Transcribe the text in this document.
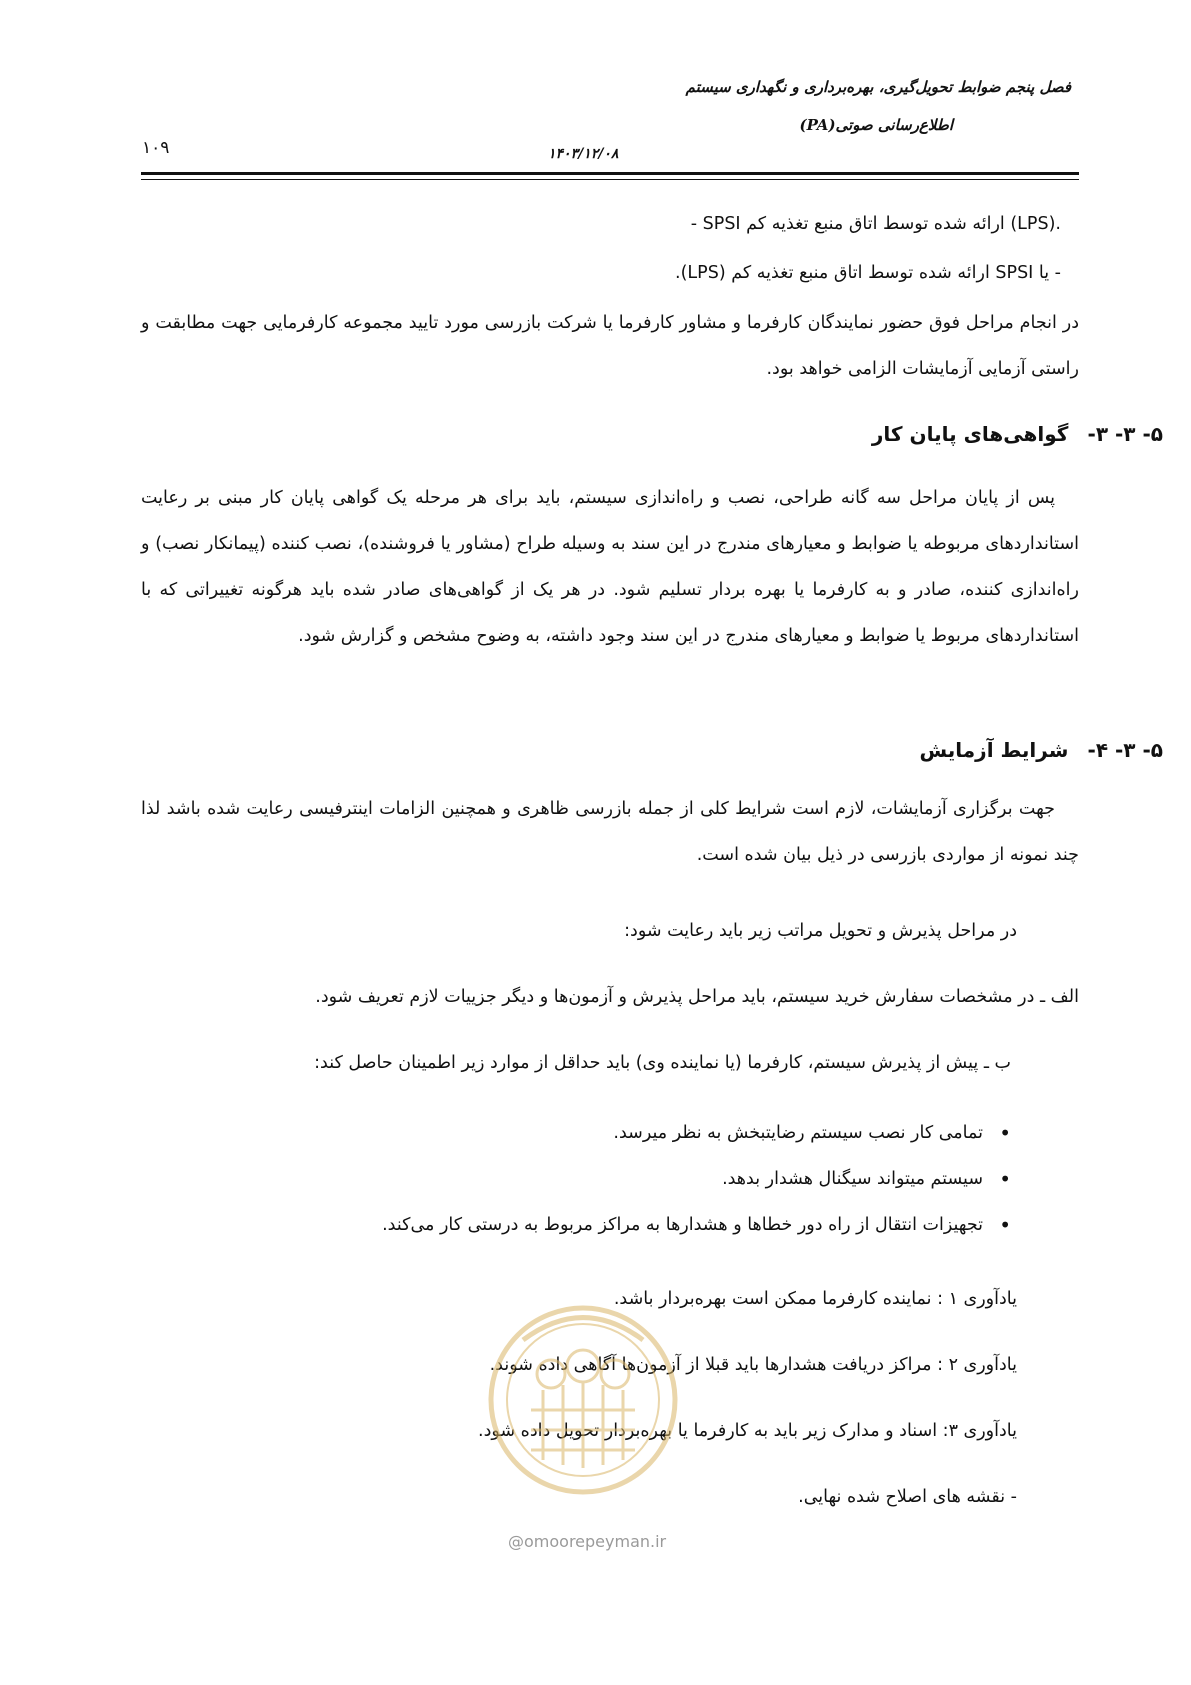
فصل پنجم ضوابط تحویل‌گیری، بهره‌برداری و نگهداری سیستم
اطلاع‌رسانی صوتی(PA)
۱۴۰۳/۱۲/۰۸
۱۰۹
- SPSI ارائه شده توسط اتاق منبع تغذیه کم (LPS).
- یا SPSI ارائه شده توسط اتاق منبع تغذیه کم (LPS).
در انجام مراحل فوق حضور نمایندگان کارفرما و مشاور کارفرما یا شرکت بازرسی مورد تایید مجموعه کارفرمایی جهت مطابقت و راستی آزمایی آزمایشات الزامی خواهد بود.
۵- ۳- ۳- گواهی‌های پایان کار
پس از پایان مراحل سه گانه طراحی، نصب و راه‌اندازی سیستم، باید برای هر مرحله یک گواهی پایان کار مبنی بر رعایت استانداردهای مربوطه یا ضوابط و معیارهای مندرج در این سند به وسیله طراح (مشاور یا فروشنده)، نصب کننده (پیمانکار نصب) و راه‌اندازی کننده، صادر و به کارفرما یا بهره بردار تسلیم شود. در هر یک از گواهی‌های صادر شده باید هرگونه تغییراتی که با استانداردهای مربوط یا ضوابط و معیارهای مندرج در این سند وجود داشته، به وضوح مشخص و گزارش شود.
۵- ۳- ۴- شرایط آزمایش
جهت برگزاری آزمایشات، لازم است شرایط کلی از جمله بازرسی ظاهری و همچنین الزامات اینترفیسی رعایت شده باشد لذا چند نمونه از مواردی بازرسی در ذیل بیان شده است.
در مراحل پذیرش و تحویل مراتب زیر باید رعایت شود:
الف ـ در مشخصات سفارش خرید سیستم، باید مراحل پذیرش و آزمون‌ها و دیگر جزییات لازم تعریف شود.
ب ـ پیش از پذیرش سیستم، کارفرما (یا نماینده وی) باید حداقل از موارد زیر اطمینان حاصل کند:
• تمامی کار نصب سیستم رضایتبخش به نظر میرسد.
• سیستم میتواند سیگنال هشدار بدهد.
• تجهیزات انتقال از راه دور خطاها و هشدارها به مراکز مربوط به درستی کار می‌کند.
یادآوری ۱ : نماینده کارفرما ممکن است بهره‌بردار باشد.
یادآوری ۲ : مراکز دریافت هشدارها باید قبلا از آزمون‌ها آگاهی داده شوند.
یادآوری ۳: اسناد و مدارک زیر باید به کارفرما یا بهره‌بردار تحویل داده شود.
- نقشه های اصلاح شده نهایی.
@omoorepeyman.ir
